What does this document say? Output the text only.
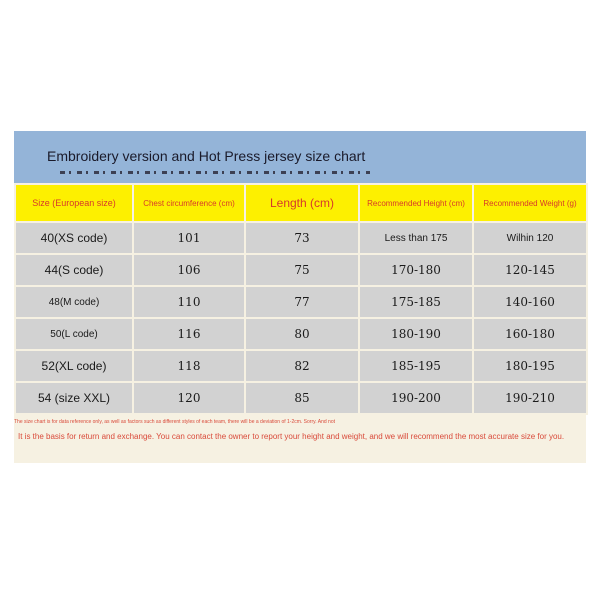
Embroidery version and Hot Press jersey size chart
Size (European size)	Chest circumference (cm)	Length (cm)	Recommended Height (cm)	Recommended Weight (g)
40(XS code)	101	73	Less than 175	Wilhin 120
44(S code)	106	75	170-180	120-145
48(M code)	110	77	175-185	140-160
50(L code)	116	80	180-190	160-180
52(XL code)	118	82	185-195	180-195
54 (size XXL)	120	85	190-200	190-210
The size chart is for data reference only, as well as factors such as different styles of each team, there will be a deviation of 1-2cm. Sorry. And not
It is the basis for return and exchange. You can contact the owner to report your height and weight, and we will recommend the most accurate size for you.
